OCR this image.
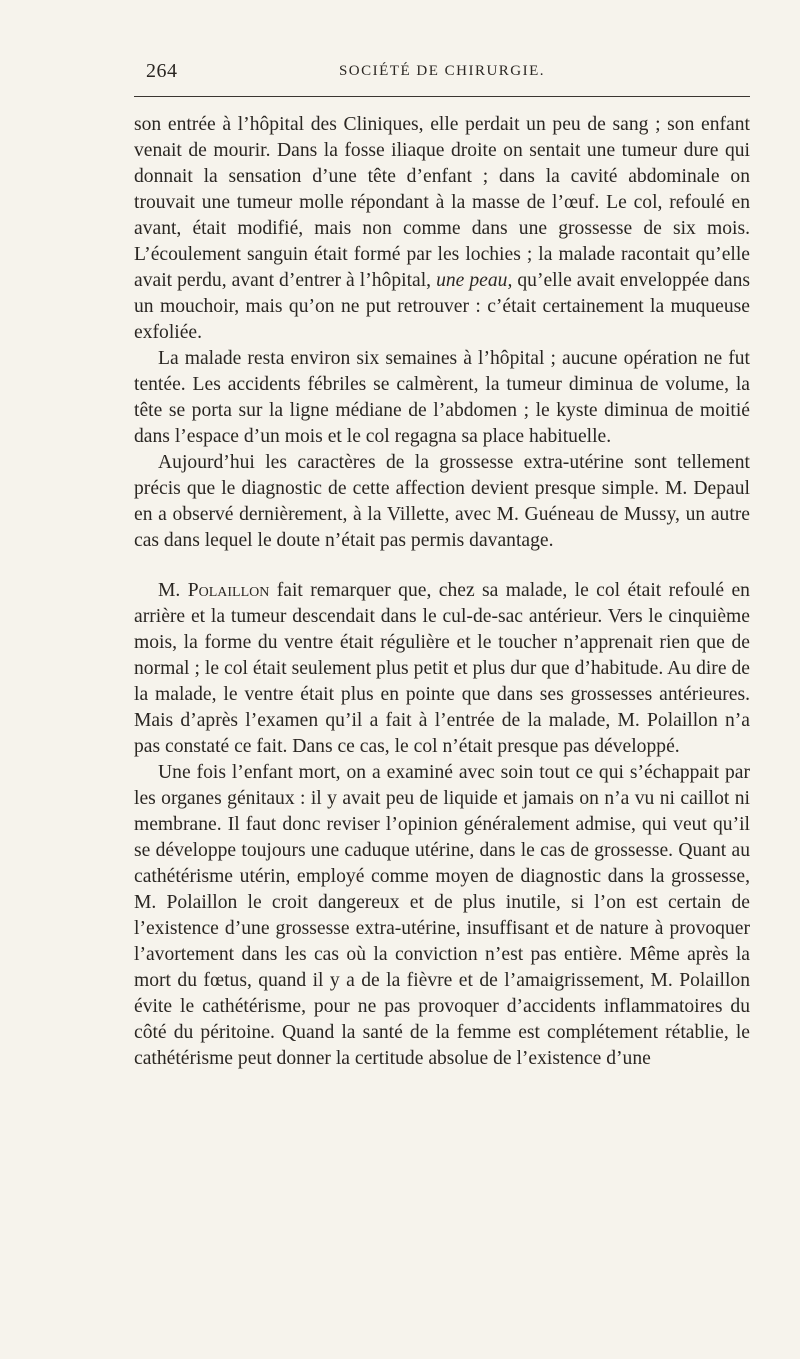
264	SOCIÉTÉ DE CHIRURGIE.

son entrée à l’hôpital des Cliniques, elle perdait un peu de sang ; son enfant venait de mourir. Dans la fosse iliaque droite on sentait une tumeur dure qui donnait la sensation d’une tête d’enfant ; dans la cavité abdominale on trouvait une tumeur molle répondant à la masse de l’œuf. Le col, refoulé en avant, était modifié, mais non comme dans une grossesse de six mois. L’écoulement sanguin était formé par les lochies ; la malade racontait qu’elle avait perdu, avant d’entrer à l’hôpital, une peau, qu’elle avait enveloppée dans un mouchoir, mais qu’on ne put retrouver : c’était certainement la muqueuse exfoliée.

La malade resta environ six semaines à l’hôpital ; aucune opération ne fut tentée. Les accidents fébriles se calmèrent, la tumeur diminua de volume, la tête se porta sur la ligne médiane de l’abdomen ; le kyste diminua de moitié dans l’espace d’un mois et le col regagna sa place habituelle.

Aujourd’hui les caractères de la grossesse extra-utérine sont tellement précis que le diagnostic de cette affection devient presque simple. M. Depaul en a observé dernièrement, à la Villette, avec M. Guéneau de Mussy, un autre cas dans lequel le doute n’était pas permis davantage.

M. Polaillon fait remarquer que, chez sa malade, le col était refoulé en arrière et la tumeur descendait dans le cul-de-sac antérieur. Vers le cinquième mois, la forme du ventre était régulière et le toucher n’apprenait rien que de normal ; le col était seulement plus petit et plus dur que d’habitude. Au dire de la malade, le ventre était plus en pointe que dans ses grossesses antérieures. Mais d’après l’examen qu’il a fait à l’entrée de la malade, M. Polaillon n’a pas constaté ce fait. Dans ce cas, le col n’était presque pas développé.

Une fois l’enfant mort, on a examiné avec soin tout ce qui s’échappait par les organes génitaux : il y avait peu de liquide et jamais on n’a vu ni caillot ni membrane. Il faut donc reviser l’opinion généralement admise, qui veut qu’il se développe toujours une caduque utérine, dans le cas de grossesse. Quant au cathétérisme utérin, employé comme moyen de diagnostic dans la grossesse, M. Polaillon le croit dangereux et de plus inutile, si l’on est certain de l’existence d’une grossesse extra-utérine, insuffisant et de nature à provoquer l’avortement dans les cas où la conviction n’est pas entière. Même après la mort du fœtus, quand il y a de la fièvre et de l’amaigrissement, M. Polaillon évite le cathétérisme, pour ne pas provoquer d’accidents inflammatoires du côté du péritoine. Quand la santé de la femme est complétement rétablie, le cathétérisme peut donner la certitude absolue de l’existence d’une
